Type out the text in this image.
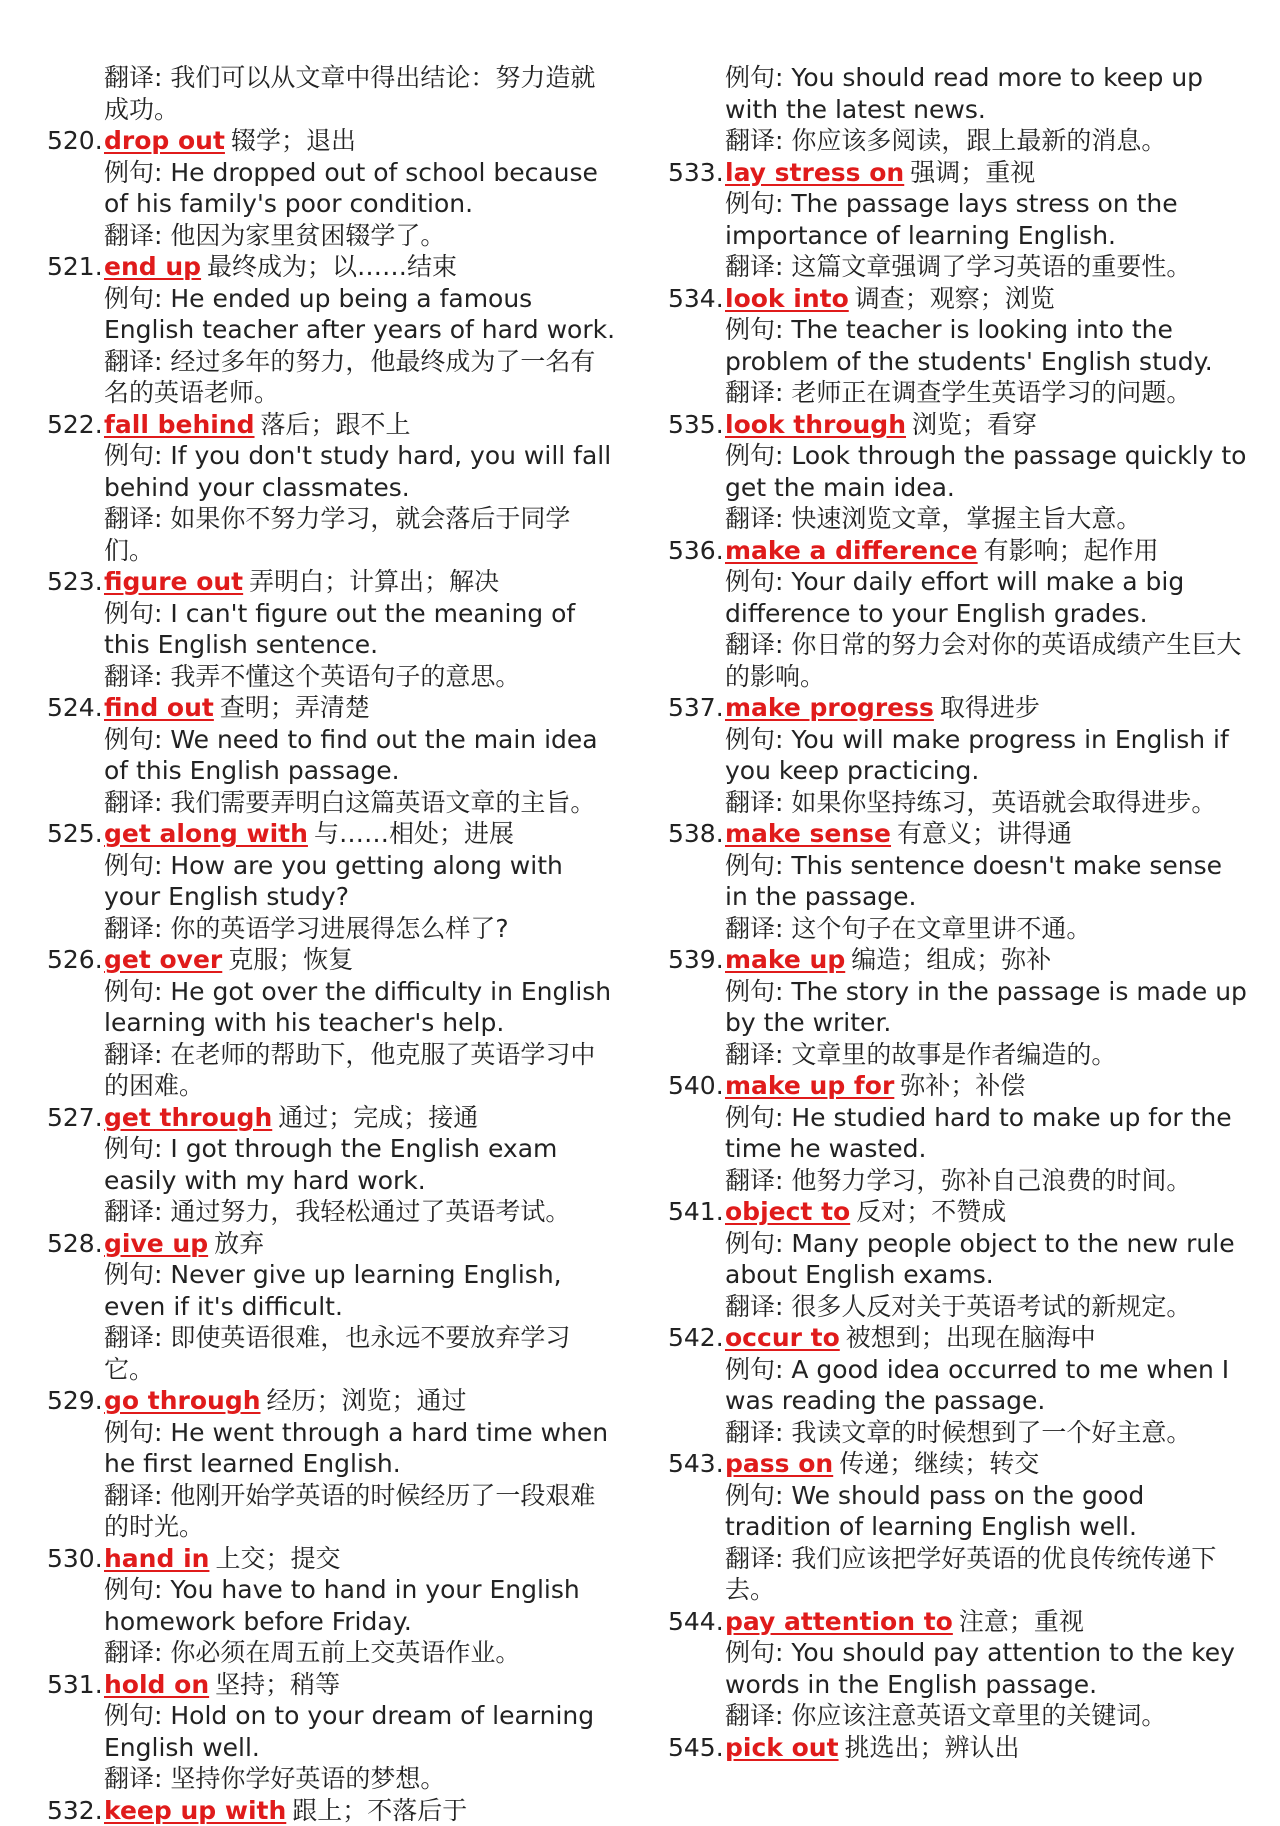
翻译: 我们可以从文章中得出结论：努力造就成功。
520. drop out 辍学；退出
例句: He dropped out of school because of his family's poor condition.
翻译: 他因为家里贫困辍学了。
521. end up 最终成为；以……结束
例句: He ended up being a famous English teacher after years of hard work.
翻译: 经过多年的努力，他最终成为了一名有名的英语老师。
522. fall behind 落后；跟不上
例句: If you don't study hard, you will fall behind your classmates.
翻译: 如果你不努力学习，就会落后于同学们。
523. figure out 弄明白；计算出；解决
例句: I can't figure out the meaning of this English sentence.
翻译: 我弄不懂这个英语句子的意思。
524. find out 查明；弄清楚
例句: We need to find out the main idea of this English passage.
翻译: 我们需要弄明白这篇英语文章的主旨。
525. get along with 与……相处；进展
例句: How are you getting along with your English study?
翻译: 你的英语学习进展得怎么样了?
526. get over 克服；恢复
例句: He got over the difficulty in English learning with his teacher's help.
翻译: 在老师的帮助下，他克服了英语学习中的困难。
527. get through 通过；完成；接通
例句: I got through the English exam easily with my hard work.
翻译: 通过努力，我轻松通过了英语考试。
528. give up 放弃
例句: Never give up learning English, even if it's difficult.
翻译: 即使英语很难，也永远不要放弃学习它。
529. go through 经历；浏览；通过
例句: He went through a hard time when he first learned English.
翻译: 他刚开始学英语的时候经历了一段艰难的时光。
530. hand in 上交；提交
例句: You have to hand in your English homework before Friday.
翻译: 你必须在周五前上交英语作业。
531. hold on 坚持；稍等
例句: Hold on to your dream of learning English well.
翻译: 坚持你学好英语的梦想。
532. keep up with 跟上；不落后于
例句: You should read more to keep up with the latest news.
翻译: 你应该多阅读，跟上最新的消息。
533. lay stress on 强调；重视
例句: The passage lays stress on the importance of learning English.
翻译: 这篇文章强调了学习英语的重要性。
534. look into 调查；观察；浏览
例句: The teacher is looking into the problem of the students' English study.
翻译: 老师正在调查学生英语学习的问题。
535. look through 浏览；看穿
例句: Look through the passage quickly to get the main idea.
翻译: 快速浏览文章，掌握主旨大意。
536. make a difference 有影响；起作用
例句: Your daily effort will make a big difference to your English grades.
翻译: 你日常的努力会对你的英语成绩产生巨大的影响。
537. make progress 取得进步
例句: You will make progress in English if you keep practicing.
翻译: 如果你坚持练习，英语就会取得进步。
538. make sense 有意义；讲得通
例句: This sentence doesn't make sense in the passage.
翻译: 这个句子在文章里讲不通。
539. make up 编造；组成；弥补
例句: The story in the passage is made up by the writer.
翻译: 文章里的故事是作者编造的。
540. make up for 弥补；补偿
例句: He studied hard to make up for the time he wasted.
翻译: 他努力学习，弥补自己浪费的时间。
541. object to 反对；不赞成
例句: Many people object to the new rule about English exams.
翻译: 很多人反对关于英语考试的新规定。
542. occur to 被想到；出现在脑海中
例句: A good idea occurred to me when I was reading the passage.
翻译: 我读文章的时候想到了一个好主意。
543. pass on 传递；继续；转交
例句: We should pass on the good tradition of learning English well.
翻译: 我们应该把学好英语的优良传统传递下去。
544. pay attention to 注意；重视
例句: You should pay attention to the key words in the English passage.
翻译: 你应该注意英语文章里的关键词。
545. pick out 挑选出；辨认出
